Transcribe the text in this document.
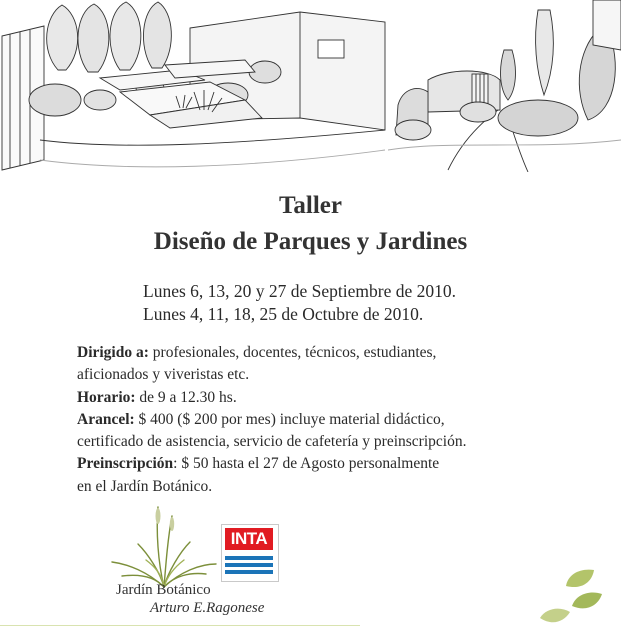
Taller
Diseño de Parques y Jardines
Lunes 6, 13, 20 y 27 de Septiembre de 2010.
Lunes 4, 11, 18, 25 de Octubre de 2010.
Dirigido a: profesionales, docentes, técnicos, estudiantes,
aficionados y viveristas etc.
Horario: de 9 a 12.30 hs.
Arancel: $ 400 ($ 200 por mes) incluye material didáctico,
certificado de asistencia, servicio de cafetería y preinscripción.
Preinscripción: $ 50 hasta el 27 de Agosto personalmente
en el Jardín Botánico.
Jardín Botánico
Arturo E.Ragonese
INTA
